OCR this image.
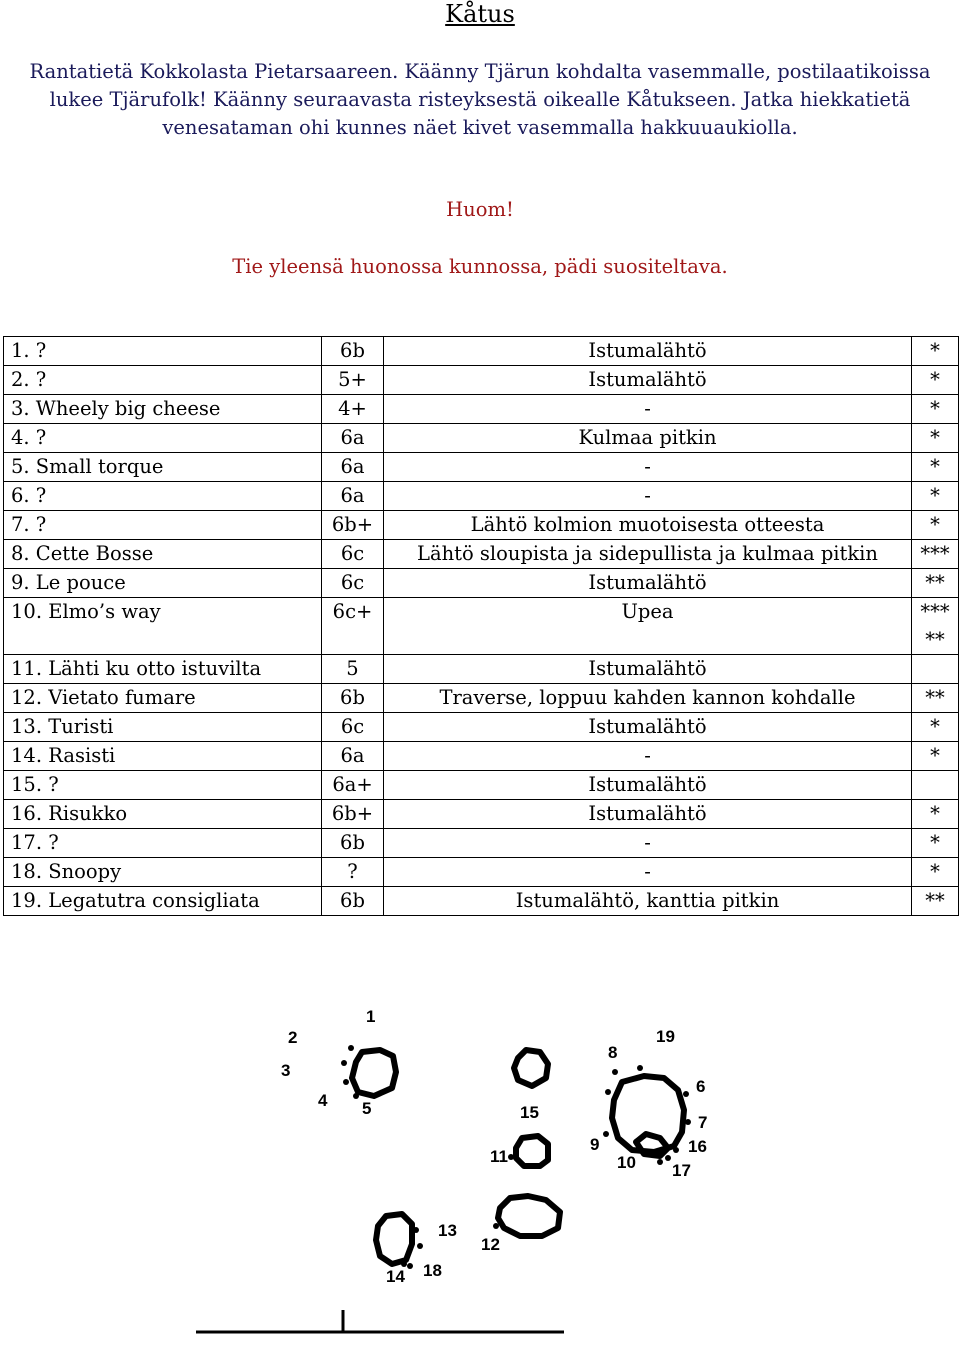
Kåtus

Rantatietä Kokkolasta Pietarsaareen. Käänny Tjärun kohdalta vasemmalle, postilaatikoissa lukee Tjärufolk! Käänny seuraavasta risteyksestä oikealle Kåtukseen. Jatka hiekkatietä venesataman ohi kunnes näet kivet vasemmalla hakkuuaukiolla.

Huom!
Tie yleensä huonossa kunnossa, pädi suositeltava.
1. ?	6b	Istumalähtö	*
2. ?	5+	Istumalähtö	*
3. Wheely big cheese	4+	-	*
4. ?	6a	Kulmaa pitkin	*
5. Small torque	6a	-	*
6. ?	6a	-	*
7. ?	6b+	Lähtö kolmion muotoisesta otteesta	*
8. Cette Bosse	6c	Lähtö sloupista ja sidepullista ja kulmaa pitkin	***
9. Le pouce	6c	Istumalähtö	**
10. Elmo’s way	6c+	Upea	*****
11. Lähti ku otto istuvilta	5	Istumalähtö	
12. Vietato fumare	6b	Traverse, loppuu kahden kannon kohdalle	**
13. Turisti	6c	Istumalähtö	*
14. Rasisti	6a	-	*
15. ?	6a+	Istumalähtö	
16. Risukko	6b+	Istumalähtö	*
17. ?	6b	-	*
18. Snoopy	?	-	*
19. Legatutra consigliata	6b	Istumalähtö, kanttia pitkin	**
1
2
3
4 5
6
7
8
9
10
11
12
13
14
15
16
17
18
19
